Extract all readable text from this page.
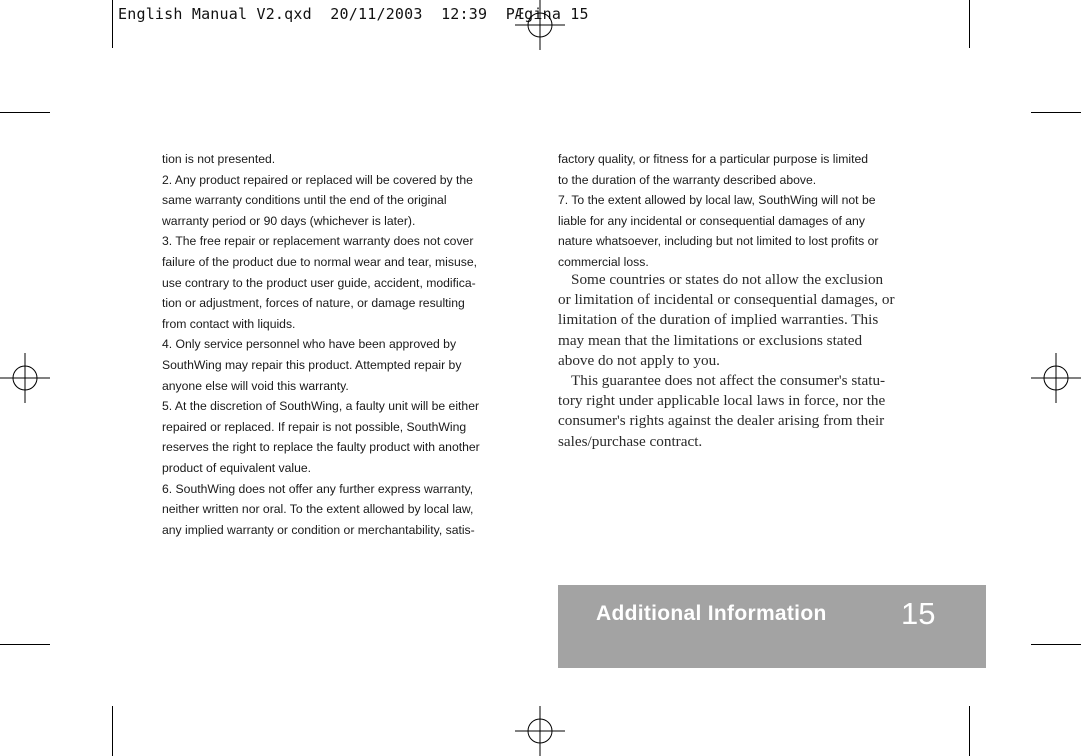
English Manual V2.qxd  20/11/2003  12:39  PÆgina 15
tion is not presented.
2. Any product repaired or replaced will be covered by the
same warranty conditions until the end of the original
warranty period or 90 days (whichever is later).
3. The free repair or replacement warranty does not cover
failure of the product due to normal wear and tear, misuse,
use contrary to the product user guide, accident, modifica-
tion or adjustment, forces of nature, or damage resulting
from contact with liquids.
4. Only service personnel who have been approved by
SouthWing may repair this product. Attempted repair by
anyone else will void this warranty.
5. At the discretion of SouthWing, a faulty unit will be either
repaired or replaced. If repair is not possible, SouthWing
reserves the right to replace the faulty product with another
product of equivalent value.
6. SouthWing does not offer any further express warranty,
neither written nor oral. To the extent allowed by local law,
any implied warranty or condition or merchantability, satis-
factory quality, or fitness for a particular purpose is limited
to the duration of the warranty described above.
7. To the extent allowed by local law, SouthWing will not be
liable for any incidental or consequential damages of any
nature whatsoever, including but not limited to lost profits or
commercial loss.
Some countries or states do not allow the exclusion
or limitation of incidental or consequential damages, or
limitation of the duration of implied warranties. This
may mean that the limitations or exclusions stated
above do not apply to you.
This guarantee does not affect the consumer's statu-
tory right under applicable local laws in force, nor the
consumer's rights against the dealer arising from their
sales/purchase contract.
Additional Information 15
